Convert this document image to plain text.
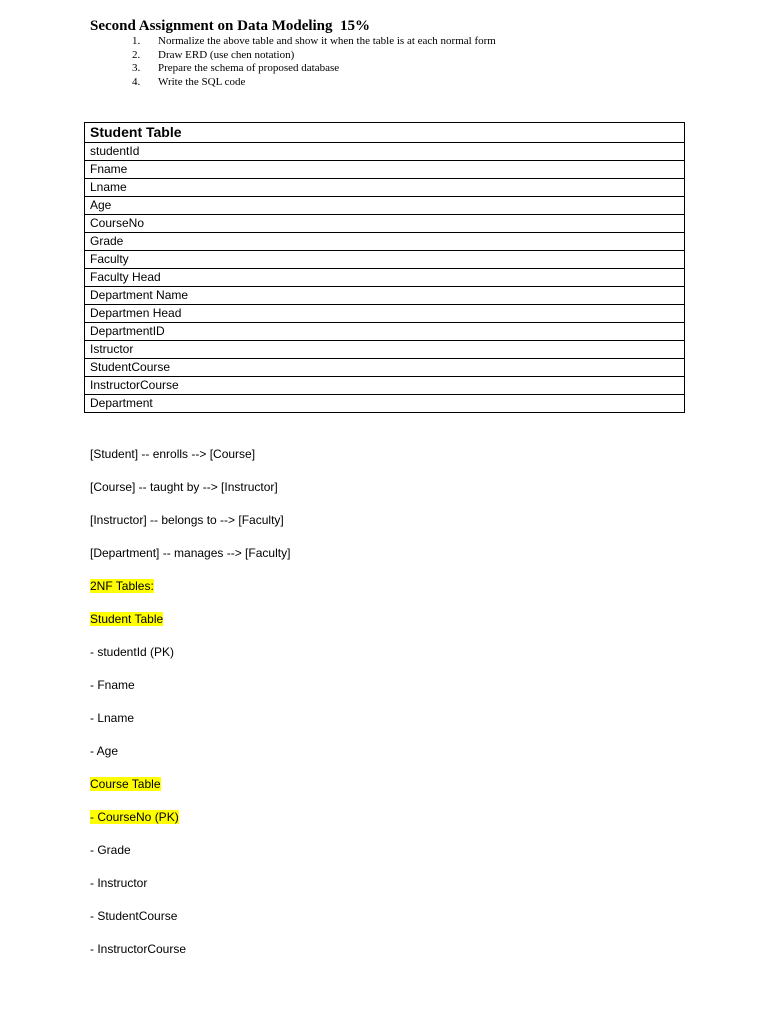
Second Assignment on Data Modeling  15%
1.	Normalize the above table and show it when the table is at each normal form
2.	Draw ERD (use chen notation)
3.	Prepare the schema of proposed database
4.	Write the SQL code
Student Table
studentId
Fname
Lname
Age
CourseNo
Grade
Faculty
Faculty Head
Department Name
Departmen Head
DepartmentID
Istructor
StudentCourse
InstructorCourse
Department

[Student] -- enrolls --> [Course]

[Course] -- taught by --> [Instructor]

[Instructor] -- belongs to --> [Faculty]

[Department] -- manages --> [Faculty]

2NF Tables:

Student Table

- studentId (PK)

- Fname

- Lname

- Age

Course Table

- CourseNo (PK)

- Grade

- Instructor

- StudentCourse

- InstructorCourse
